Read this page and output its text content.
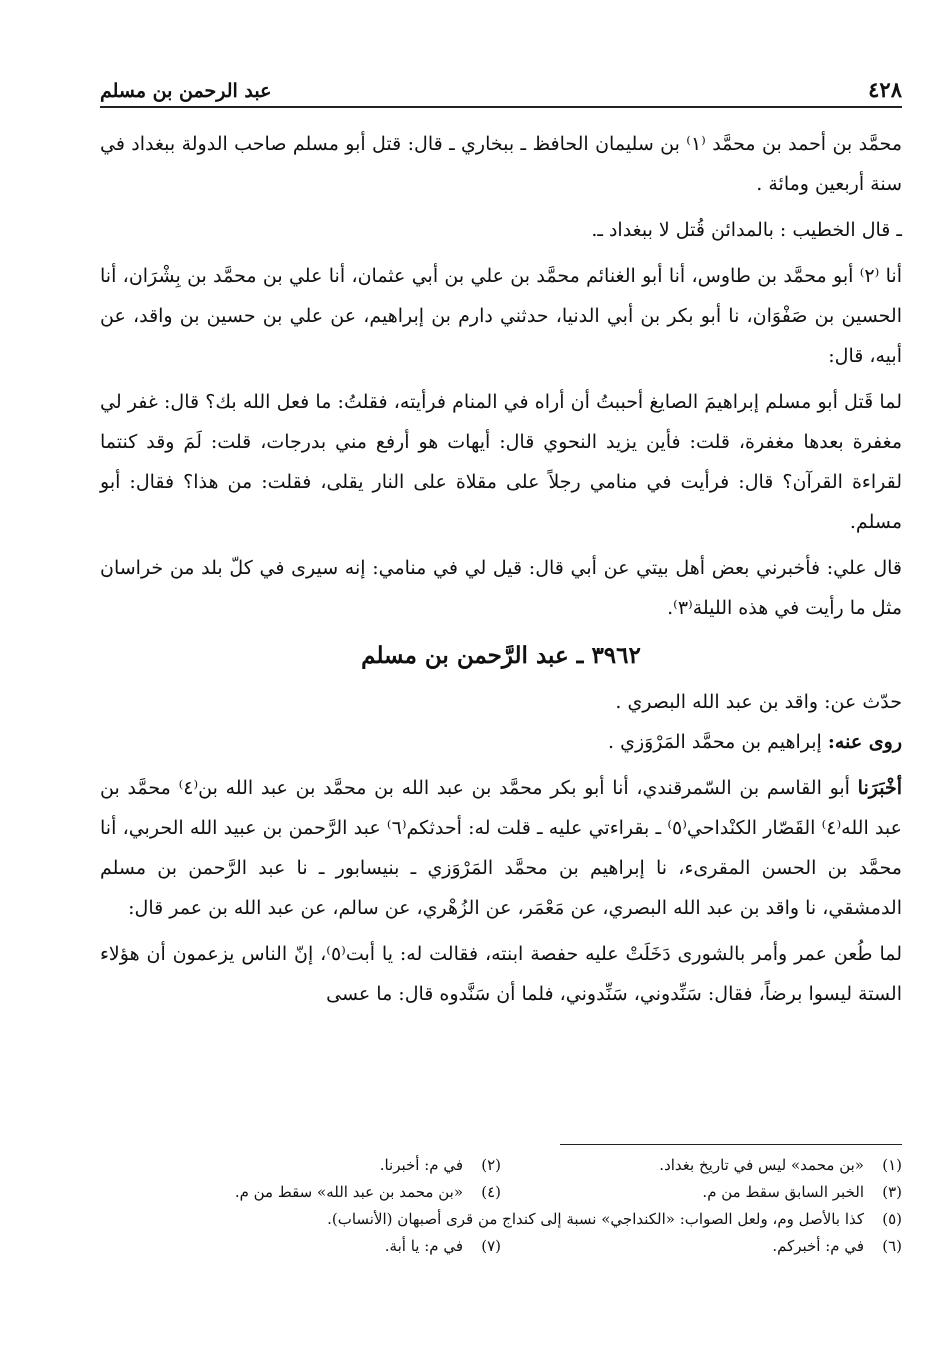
٤٢٨
عبد الرحمن بن مسلم

محمَّد بن أحمد بن محمَّد ⁽١⁾ بن سليمان الحافظ ـ ببخاري ـ قال: قتل أبو مسلم صاحب الدولة ببغداد في سنة أربعين ومائة .

ـ قال الخطيب : بالمدائن قُتل لا ببغداد ـ.

أنا ⁽٢⁾ أبو محمَّد بن طاوس، أنا أبو الغنائم محمَّد بن علي بن أبي عثمان، أنا علي بن محمَّد بن بِشْرَان، أنا الحسين بن صَفْوَان، نا أبو بكر بن أبي الدنيا، حدثني دارم بن إبراهيم، عن علي بن حسين بن واقد، عن أبيه، قال:

لما قَتل أبو مسلم إبراهيمَ الصايغ أحببتُ أن أراه في المنام فرأيته، فقلتُ: ما فعل الله بك؟ قال: غفر لي مغفرة بعدها مغفرة، قلت: فأين يزيد النحوي قال: أيهات هو أرفع مني بدرجات، قلت: لَمَ وقد كنتما لقراءة القرآن؟ قال: فرأيت في منامي رجلاً على مقلاة على النار يقلى، فقلت: من هذا؟ فقال: أبو مسلم.

قال علي: فأخبرني بعض أهل بيتي عن أبي قال: قيل لي في منامي: إنه سيرى في كلّ بلد من خراسان مثل ما رأيت في هذه الليلة⁽٣⁾.

٣٩٦٢ ـ عبد الرَّحمن بن مسلم

حدّث عن: واقد بن عبد الله البصري .

روى عنه: إبراهيم بن محمَّد المَرْوَزي .

أخْبَرَنا أبو القاسم بن السّمرقندي، أنا أبو بكر محمَّد بن عبد الله بن محمَّد بن عبد الله بن⁽٤⁾ محمَّد بن عبد الله⁽٤⁾ القَصّار الكنْداحي⁽٥⁾ ـ بقراءتي عليه ـ قلت له: أحدثكم⁽٦⁾ عبد الرَّحمن بن عبيد الله الحربي، أنا محمَّد بن الحسن المقرىء، نا إبراهيم بن محمَّد المَرْوَزي ـ بنيسابور ـ نا عبد الرَّحمن بن مسلم الدمشقي، نا واقد بن عبد الله البصري، عن مَعْمَر، عن الزُهْري، عن سالم، عن عبد الله بن عمر قال:

لما طُعن عمر وأمر بالشورى دَخَلَتْ عليه حفصة ابنته، فقالت له: يا أبت⁽٥⁾، إنّ الناس يزعمون أن هؤلاء الستة ليسوا برضاً، فقال: سَنِّدوني، سَنِّدوني، فلما أن سَنَّدوه قال: ما عسى

(١)
«بن محمد» ليس في تاريخ بغداد.
(٢)
في م: أخبرنا.
(٣)
الخبر السابق سقط من م.
(٤)
«بن محمد بن عبد الله» سقط من م.
(٥)
كذا بالأصل وم، ولعل الصواب: «الكنداجي» نسبة إلى كنداج من قرى أصبهان (الأنساب).
(٦)
في م: أخبركم.
(٧)
في م: يا أبة.
